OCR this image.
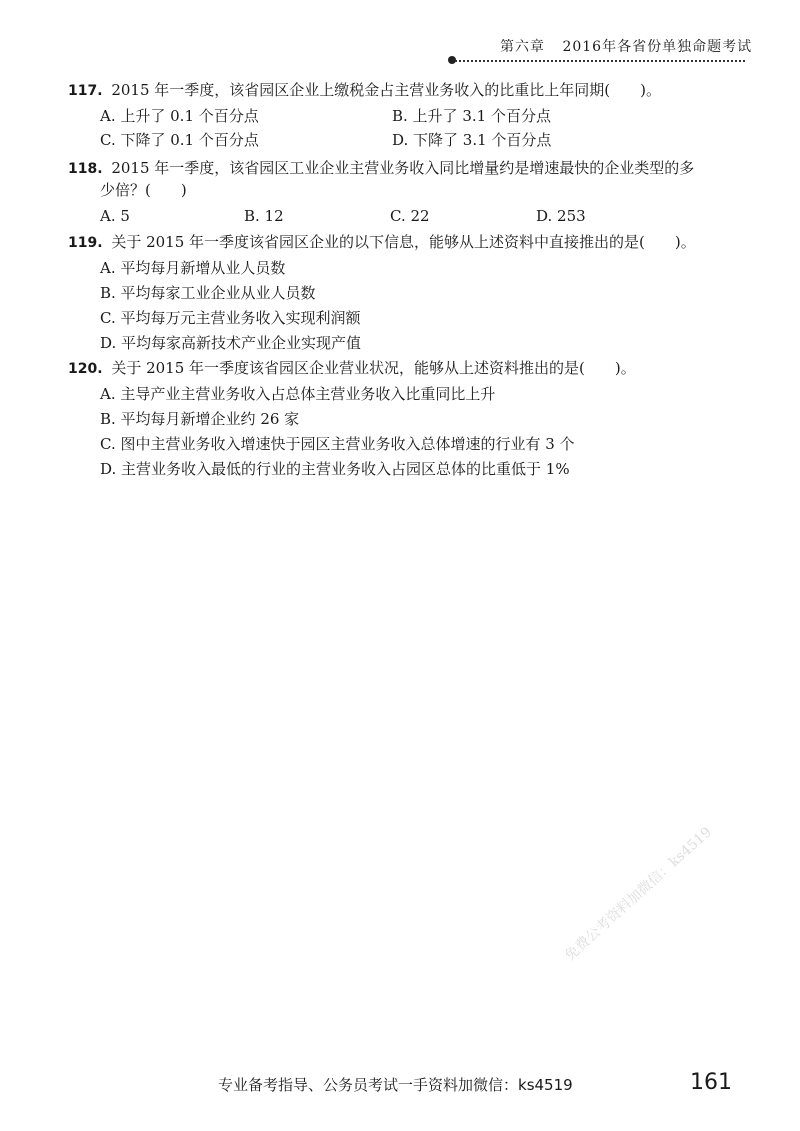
第六章 2016年各省份单独命题考试
117. 2015 年一季度，该省园区企业上缴税金占主营业务收入的比重比上年同期(　　)。
A. 上升了 0.1 个百分点	B. 上升了 3.1 个百分点
C. 下降了 0.1 个百分点	D. 下降了 3.1 个百分点
118. 2015 年一季度，该省园区工业企业主营业务收入同比增量约是增速最快的企业类型的多
少倍？(　　)
A. 5	B. 12	C. 22	D. 253
119. 关于 2015 年一季度该省园区企业的以下信息，能够从上述资料中直接推出的是(　　)。
A. 平均每月新增从业人员数
B. 平均每家工业企业从业人员数
C. 平均每万元主营业务收入实现利润额
D. 平均每家高新技术产业企业实现产值
120. 关于 2015 年一季度该省园区企业营业状况，能够从上述资料推出的是(　　)。
A. 主导产业主营业务收入占总体主营业务收入比重同比上升
B. 平均每月新增企业约 26 家
C. 图中主营业务收入增速快于园区主营业务收入总体增速的行业有 3 个
D. 主营业务收入最低的行业的主营业务收入占园区总体的比重低于 1%
免费公考资料加微信：ks4519
专业备考指导、公务员考试一手资料加微信：ks4519	161
